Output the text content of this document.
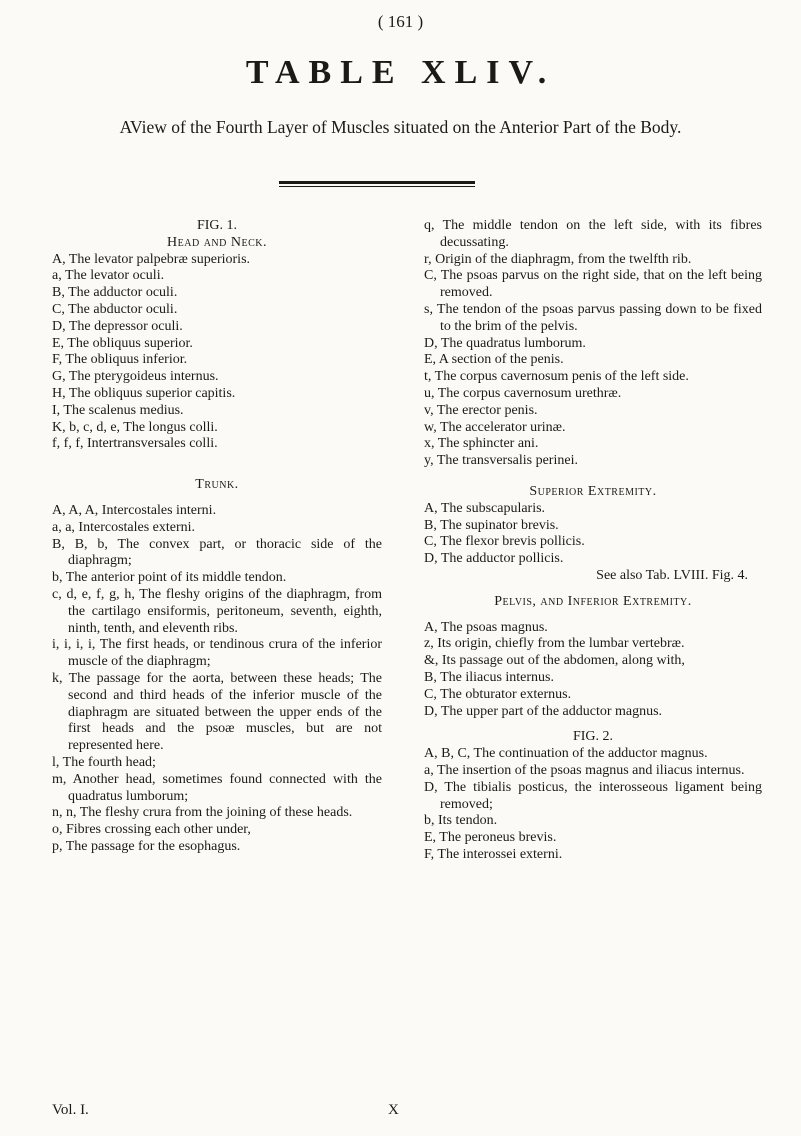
( 161 )
TABLE XLIV.
AView of the Fourth Layer of Muscles situated on the Anterior Part of the Body.

FIG. 1.

Head and Neck.

A, The levator palpebræ superioris.

a, The levator oculi.

B, The adductor oculi.

C, The abductor oculi.

D, The depressor oculi.

E, The obliquus superior.

F, The obliquus inferior.

G, The pterygoideus internus.

H, The obliquus superior capitis.

I, The scalenus medius.

K, b, c, d, e, The longus colli.

f, f, f, Intertransversales colli.

Trunk.

A, A, A, Intercostales interni.

a, a, Intercostales externi.

B, B, b, The convex part, or thoracic side of the diaphragm;

b, The anterior point of its middle tendon.

c, d, e, f, g, h, The fleshy origins of the diaphragm, from the cartilago ensiformis, peritoneum, seventh, eighth, ninth, tenth, and eleventh ribs.

i, i, i, i, The first heads, or tendinous crura of the inferior muscle of the diaphragm;

k, The passage for the aorta, between these heads; The second and third heads of the inferior muscle of the diaphragm are situated between the upper ends of the first heads and the psoæ muscles, but are not represented here.

l, The fourth head;

m, Another head, sometimes found connected with the quadratus lumborum;

n, n, The fleshy crura from the joining of these heads.

o, Fibres crossing each other under,

p, The passage for the esophagus.

q, The middle tendon on the left side, with its fibres decussating.

r, Origin of the diaphragm, from the twelfth rib.

C, The psoas parvus on the right side, that on the left being removed.

s, The tendon of the psoas parvus passing down to be fixed to the brim of the pelvis.

D, The quadratus lumborum.

E, A section of the penis.

t, The corpus cavernosum penis of the left side.

u, The corpus cavernosum urethræ.

v, The erector penis.

w, The accelerator urinæ.

x, The sphincter ani.

y, The transversalis perinei.

Superior Extremity.

A, The subscapularis.

B, The supinator brevis.

C, The flexor brevis pollicis.

D, The adductor pollicis.

See also Tab. LVIII. Fig. 4.

Pelvis, and Inferior Extremity.

A, The psoas magnus.

z, Its origin, chiefly from the lumbar vertebræ.

&, Its passage out of the abdomen, along with,

B, The iliacus internus.

C, The obturator externus.

D, The upper part of the adductor magnus.

FIG. 2.

A, B, C, The continuation of the adductor magnus.

a, The insertion of the psoas magnus and iliacus internus.

D, The tibialis posticus, the interosseous ligament being removed;

b, Its tendon.

E, The peroneus brevis.

F, The interossei externi.

Vol. I.	X
